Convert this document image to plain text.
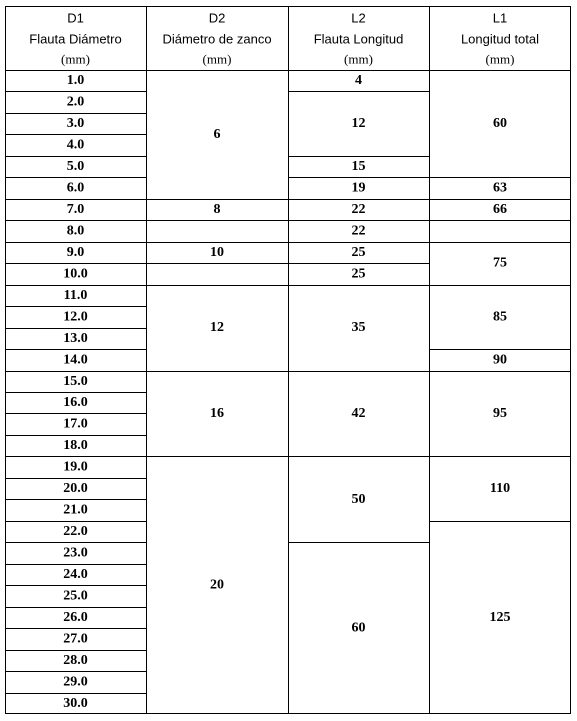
D1
Flauta Diámetro
(mm)
D2
Diámetro de zanco
(mm)
L2
Flauta Longitud
(mm)
L1
Longitud total
(mm)
1.0
2.0
3.0
4.0
5.0
6.0
7.0
8.0
9.0
10.0
11.0
12.0
13.0
14.0
15.0
16.0
17.0
18.0
19.0
20.0
21.0
22.0
23.0
24.0
25.0
26.0
27.0
28.0
29.0
30.0
6
8
10
12
16
20
4
12
15
19
22
22
25
25
35
42
50
60
60
63
66
75
85
90
95
110
125
